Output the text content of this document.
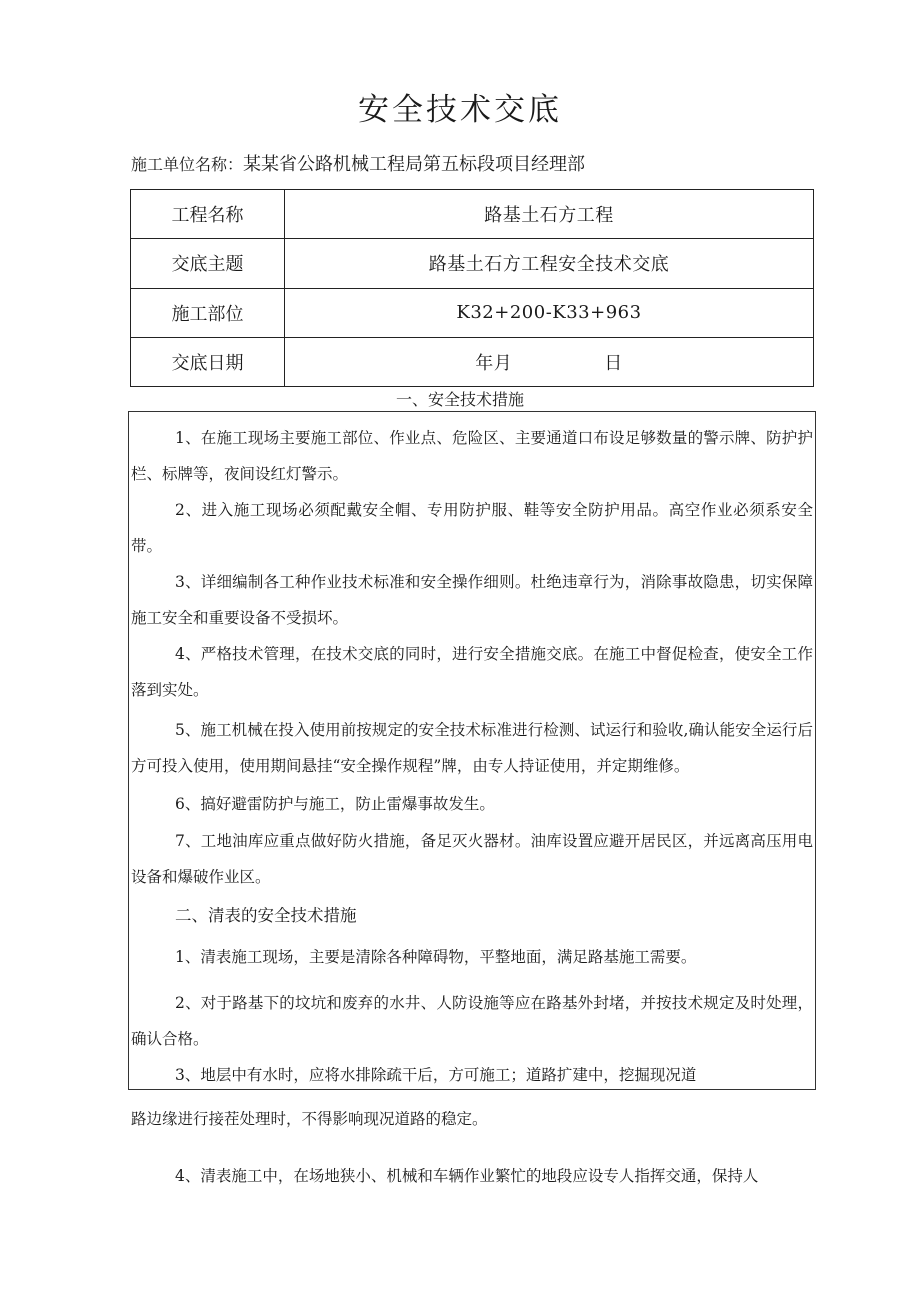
安全技术交底
施工单位名称：某某省公路机械工程局第五标段项目经理部
工程名称	路基土石方工程
交底主题	路基土石方工程安全技术交底
施工部位	K32+200-K33+963
交底日期	年月 日
一、安全技术措施

1、在施工现场主要施工部位、作业点、危险区、主要通道口布设足够数量的警示牌、防护护栏、标牌等，夜间设红灯警示。

2、进入施工现场必须配戴安全帽、专用防护服、鞋等安全防护用品。高空作业必须系安全带。

3、详细编制各工种作业技术标准和安全操作细则。杜绝违章行为，消除事故隐患，切实保障施工安全和重要设备不受损坏。

4、严格技术管理，在技术交底的同时，进行安全措施交底。在施工中督促检查，使安全工作落到实处。

5、施工机械在投入使用前按规定的安全技术标准进行检测、试运行和验收,确认能安全运行后方可投入使用，使用期间悬挂“安全操作规程”牌，由专人持证使用，并定期维修。

6、搞好避雷防护与施工，防止雷爆事故发生。

7、工地油库应重点做好防火措施，备足灭火器材。油库设置应避开居民区，并远离高压用电设备和爆破作业区。

二、清表的安全技术措施

1、清表施工现场，主要是清除各种障碍物，平整地面，满足路基施工需要。

2、对于路基下的坟坑和废弃的水井、人防设施等应在路基外封堵，并按技术规定及时处理，确认合格。

3、地层中有水时，应将水排除疏干后，方可施工；道路扩建中，挖掘现况道

路边缘进行接茬处理时，不得影响现况道路的稳定。

4、清表施工中，在场地狭小、机械和车辆作业繁忙的地段应设专人指挥交通，保持人
